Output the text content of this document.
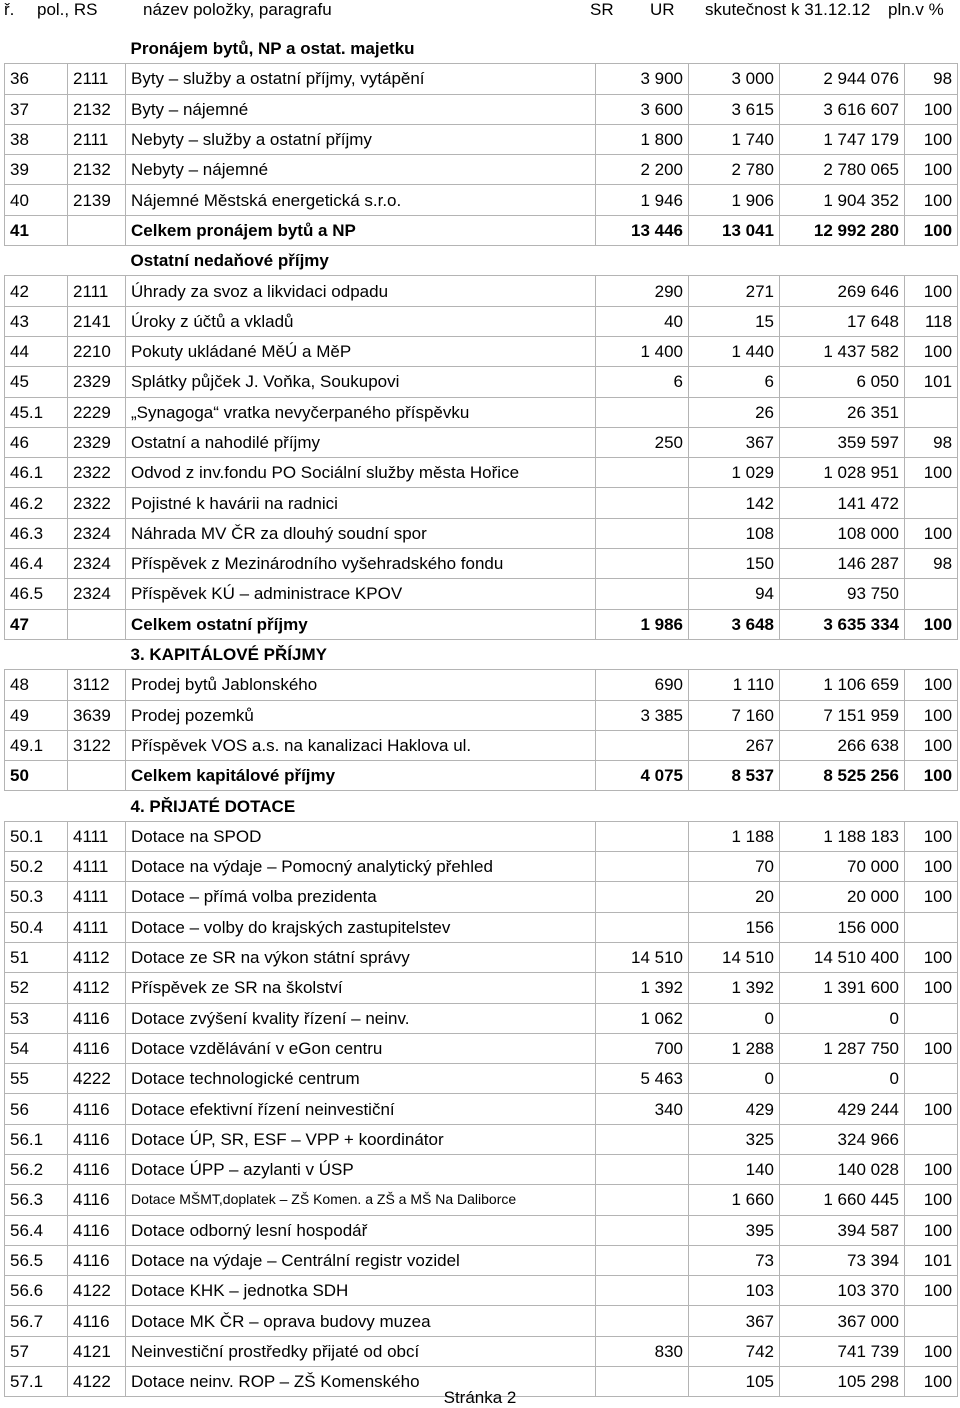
ř. pol., RS	název položky, paragrafu	SR UR skutečnost k 31.12.12 pln.v %
		Pronájem bytů, NP a ostat. majetku				
36	2111	Byty – služby a ostatní příjmy, vytápění	3 900	3 000	2 944 076	98
37	2132	Byty – nájemné	3 600	3 615	3 616 607	100
38	2111	Nebyty – služby a ostatní příjmy	1 800	1 740	1 747 179	100
39	2132	Nebyty – nájemné	2 200	2 780	2 780 065	100
40	2139	Nájemné Městská energetická s.r.o.	1 946	1 906	1 904 352	100
41		Celkem pronájem bytů a NP	13 446	13 041	12 992 280	100
		Ostatní nedaňové příjmy				
42	2111	Úhrady za svoz a likvidaci odpadu	290	271	269 646	100
43	2141	Úroky z účtů a vkladů	40	15	17 648	118
44	2210	Pokuty ukládané MěÚ a MěP	1 400	1 440	1 437 582	100
45	2329	Splátky půjček J. Voňka, Soukupovi	6	6	6 050	101
45.1	2229	„Synagoga“ vratka nevyčerpaného příspěvku		26	26 351	
46	2329	Ostatní a nahodilé příjmy	250	367	359 597	98
46.1	2322	Odvod z inv.fondu PO Sociální služby města Hořice		1 029	1 028 951	100
46.2	2322	Pojistné k havárii na radnici		142	141 472	
46.3	2324	Náhrada MV ČR za dlouhý soudní spor		108	108 000	100
46.4	2324	Příspěvek z Mezinárodního vyšehradského fondu		150	146 287	98
46.5	2324	Příspěvek KÚ – administrace KPOV		94	93 750	
47		Celkem ostatní příjmy	1 986	3 648	3 635 334	100
		3. KAPITÁLOVÉ PŘÍJMY				
48	3112	Prodej bytů Jablonského	690	1 110	1 106 659	100
49	3639	Prodej pozemků	3 385	7 160	7 151 959	100
49.1	3122	Příspěvek VOS a.s. na kanalizaci Haklova ul.		267	266 638	100
50		Celkem kapitálové příjmy	4 075	8 537	8 525 256	100
		4. PŘIJATÉ DOTACE				
50.1	4111	Dotace na SPOD		1 188	1 188 183	100
50.2	4111	Dotace na výdaje – Pomocný analytický přehled		70	70 000	100
50.3	4111	Dotace – přímá volba prezidenta		20	20 000	100
50.4	4111	Dotace – volby do krajských zastupitelstev		156	156 000	
51	4112	Dotace ze SR na výkon státní správy	14 510	14 510	14 510 400	100
52	4112	Příspěvek ze SR na školství	1 392	1 392	1 391 600	100
53	4116	Dotace zvýšení kvality řízení – neinv.	1 062	0	0	
54	4116	Dotace vzdělávání v eGon centru	700	1 288	1 287 750	100
55	4222	Dotace technologické centrum	5 463	0	0	
56	4116	Dotace efektivní řízení neinvestiční	340	429	429 244	100
56.1	4116	Dotace ÚP, SR, ESF – VPP + koordinátor		325	324 966	
56.2	4116	Dotace ÚPP – azylanti v ÚSP		140	140 028	100
56.3	4116	Dotace MŠMT,doplatek – ZŠ Komen. a ZŠ a MŠ Na Daliborce		1 660	1 660 445	100
56.4	4116	Dotace odborný lesní hospodář		395	394 587	100
56.5	4116	Dotace na výdaje – Centrální registr vozidel		73	73 394	101
56.6	4122	Dotace KHK – jednotka SDH		103	103 370	100
56.7	4116	Dotace MK ČR – oprava budovy muzea		367	367 000	
57	4121	Neinvestiční prostředky přijaté od obcí	830	742	741 739	100
57.1	4122	Dotace neinv. ROP – ZŠ Komenského		105	105 298	100
Stránka 2
